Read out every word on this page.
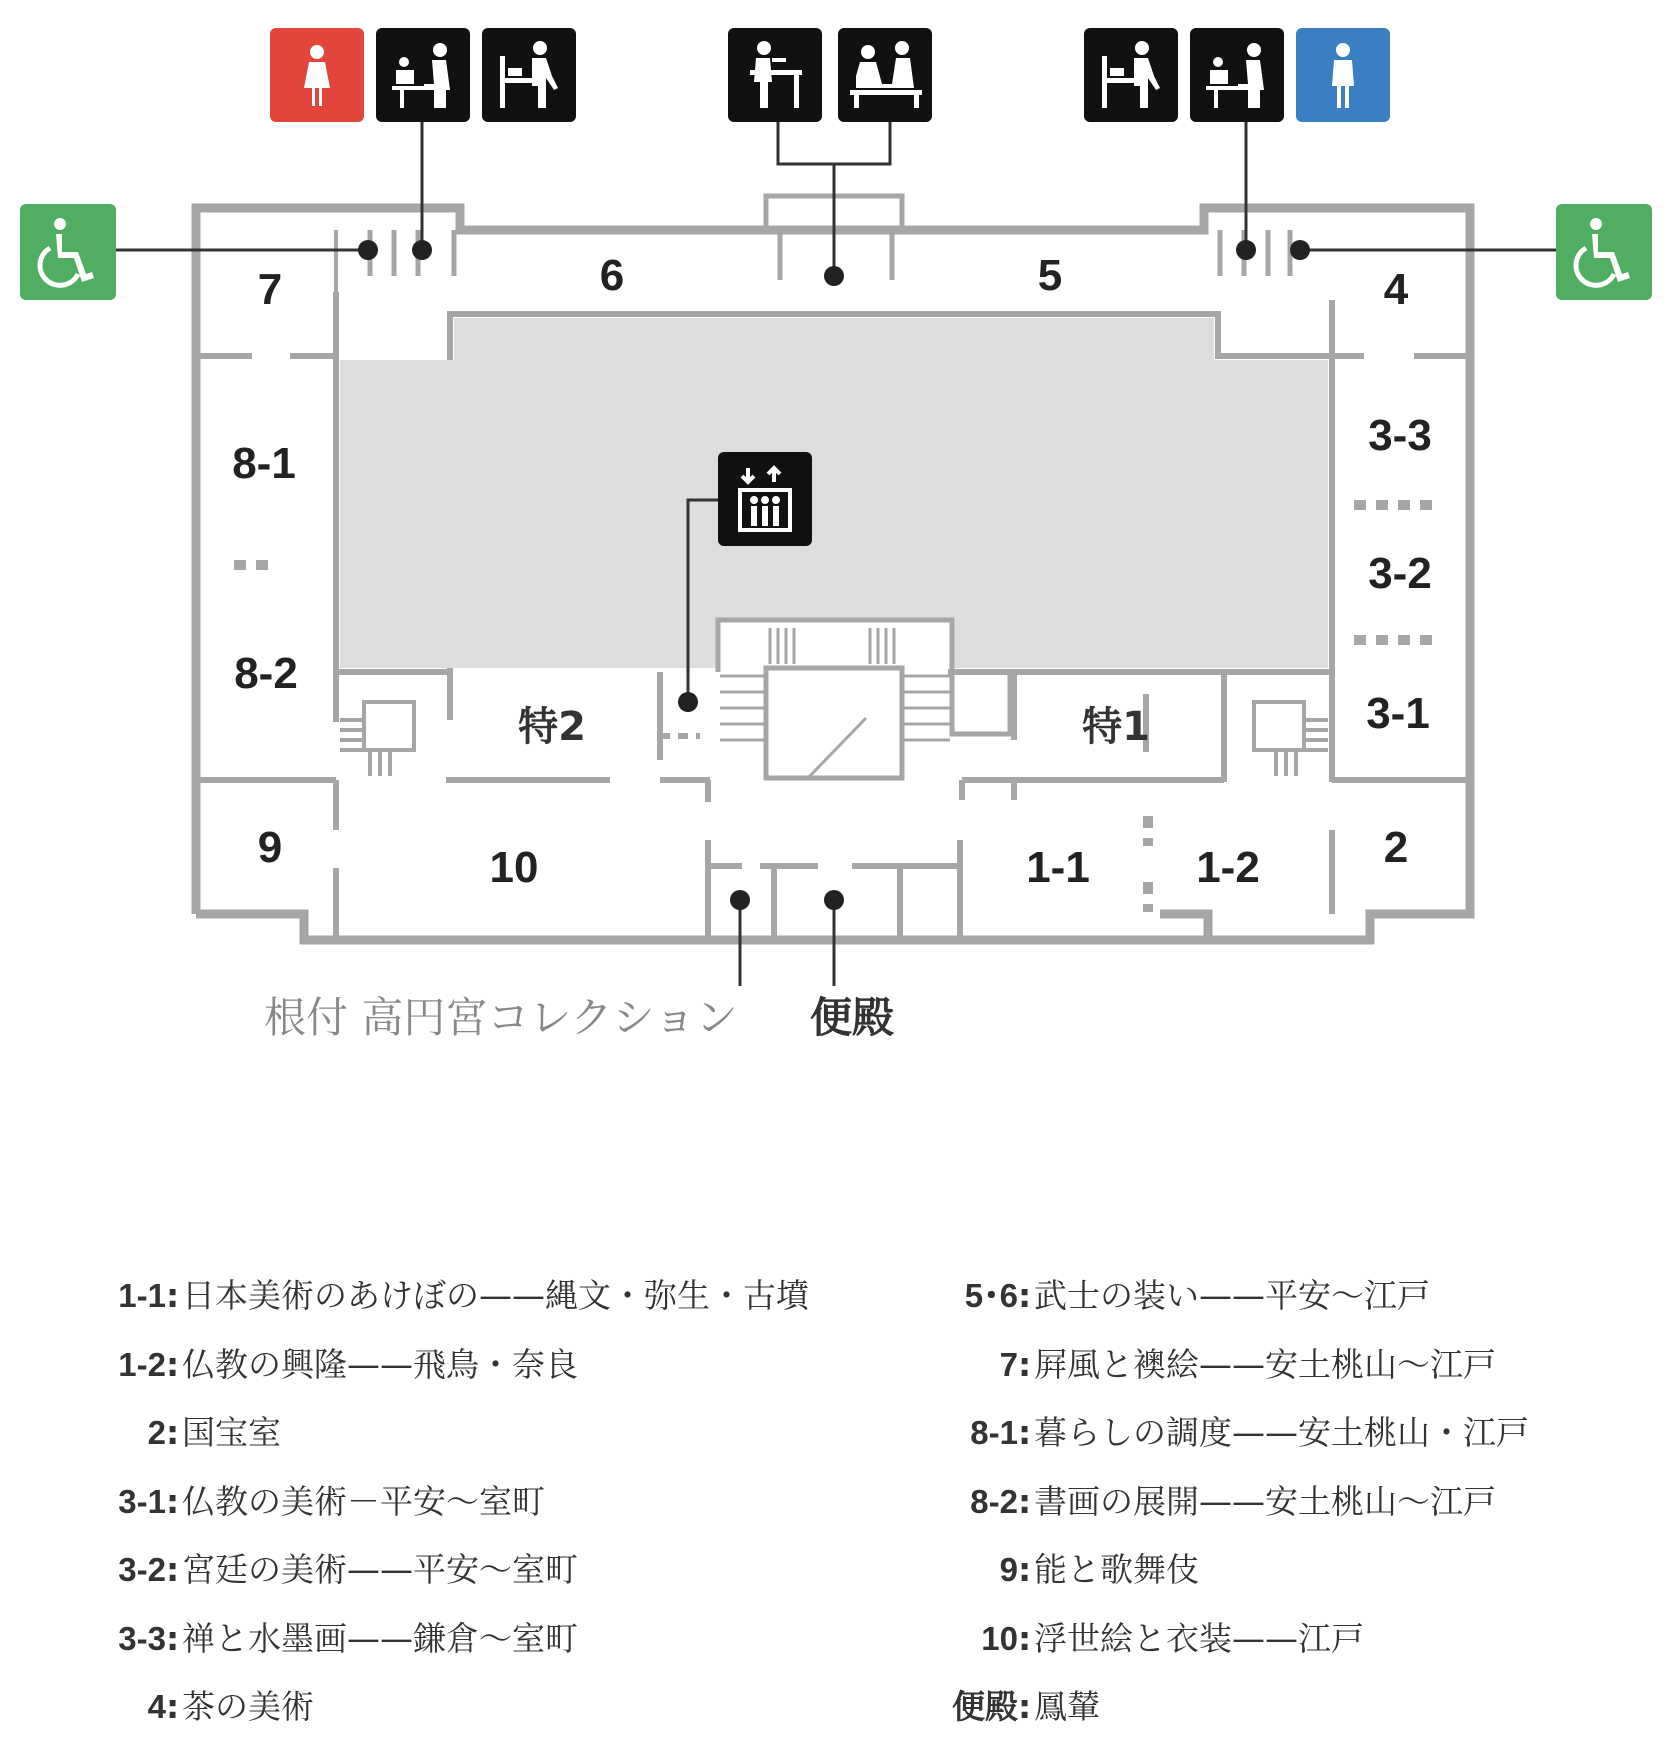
7	6	5	4
8-1
8-2
3-3
3-2
3-1
特2	特1
9	10	1-1 1-2	2
根付 高円宮コレクション 便殿
1-1:日本美術のあけぼの——縄文・弥生・古墳
1-2:仏教の興隆——飛鳥・奈良
2:国宝室
3-1:仏教の美術－平安～室町
3-2:宮廷の美術——平安～室町
3-3:禅と水墨画——鎌倉～室町
4:茶の美術
5･6:武士の装い——平安～江戸
7:屛風と襖絵——安土桃山～江戸
8-1:暮らしの調度——安土桃山・江戸
8-2:書画の展開——安土桃山～江戸
9:能と歌舞伎
10:浮世絵と衣装——江戸
便殿:鳳輦
